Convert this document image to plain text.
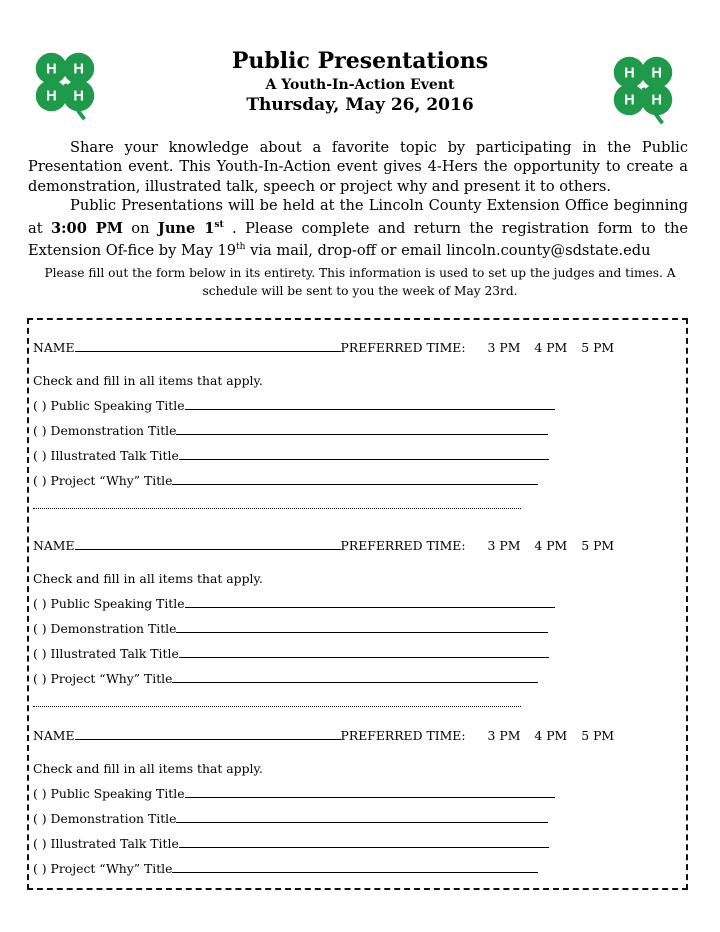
H H
H H
H H
H H
Public Presentations
A Youth-In-Action Event
Thursday, May 26, 2016

Share your knowledge about a favorite topic by participating in the Public Presentation event. This Youth-In-Action event gives 4-Hers the opportunity to create a demonstration, illustrated talk, speech or project why and present it to others.

Public Presentations will be held at the Lincoln County Extension Office beginning at 3:00 PM on June 1st . Please complete and return the registration form to the Extension Of-fice by May 19th via mail, drop-off or email lincoln.county@sdstate.edu

Please fill out the form below in its entirety. This information is used to set up the judges and times. A schedule will be sent to you the week of May 23rd.
NAME	PREFERRED TIME: 3 PM 4 PM 5 PM
Check and fill in all items that apply.
( ) Public Speaking Title
( ) Demonstration Title
( ) Illustrated Talk Title
( ) Project “Why” Title
NAME	PREFERRED TIME: 3 PM 4 PM 5 PM
Check and fill in all items that apply.
( ) Public Speaking Title
( ) Demonstration Title
( ) Illustrated Talk Title
( ) Project “Why” Title
NAME	PREFERRED TIME: 3 PM 4 PM 5 PM
Check and fill in all items that apply.
( ) Public Speaking Title
( ) Demonstration Title
( ) Illustrated Talk Title
( ) Project “Why” Title
